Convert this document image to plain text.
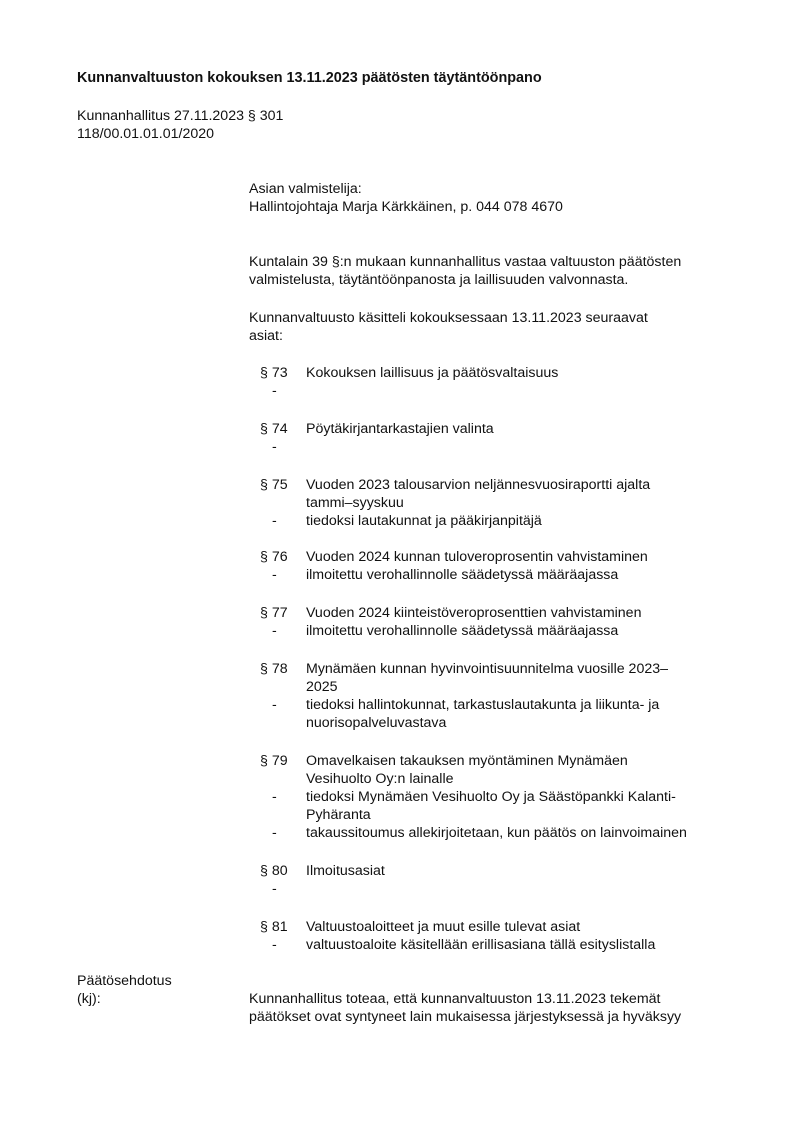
Kunnanvaltuuston kokouksen 13.11.2023 päätösten täytäntöönpano
Kunnanhallitus 27.11.2023 § 301
118/00.01.01.01/2020
Asian valmistelija:
Hallintojohtaja Marja Kärkkäinen, p. 044 078 4670
Kuntalain 39 §:n mukaan kunnanhallitus vastaa valtuuston päätösten
valmistelusta, täytäntöönpanosta ja laillisuuden valvonnasta.
Kunnanvaltuusto käsitteli kokouksessaan 13.11.2023 seuraavat
asiat:
§ 73	Kokouksen laillisuus ja päätösvaltaisuus
-
§ 74	Pöytäkirjantarkastajien valinta
-
§ 75	Vuoden 2023 talousarvion neljännesvuosiraportti ajalta
tammi–syyskuu
- tiedoksi lautakunnat ja pääkirjanpitäjä
§ 76	Vuoden 2024 kunnan tuloveroprosentin vahvistaminen
- ilmoitettu verohallinnolle säädetyssä määräajassa
§ 77	Vuoden 2024 kiinteistöveroprosenttien vahvistaminen
- ilmoitettu verohallinnolle säädetyssä määräajassa
§ 78	Mynämäen kunnan hyvinvointisuunnitelma vuosille 2023–
2025
- tiedoksi hallintokunnat, tarkastuslautakunta ja liikunta- ja
nuorisopalveluvastava
§ 79	Omavelkaisen takauksen myöntäminen Mynämäen
Vesihuolto Oy:n lainalle
- tiedoksi Mynämäen Vesihuolto Oy ja Säästöpankki Kalanti-
Pyhäranta
- takaussitoumus allekirjoitetaan, kun päätös on lainvoimainen
§ 80	Ilmoitusasiat
-
§ 81	Valtuustoaloitteet ja muut esille tulevat asiat
- valtuustoaloite käsitellään erillisasiana tällä esityslistalla
Päätösehdotus
(kj):	Kunnanhallitus toteaa, että kunnanvaltuuston 13.11.2023 tekemät
päätökset ovat syntyneet lain mukaisessa järjestyksessä ja hyväksyy
